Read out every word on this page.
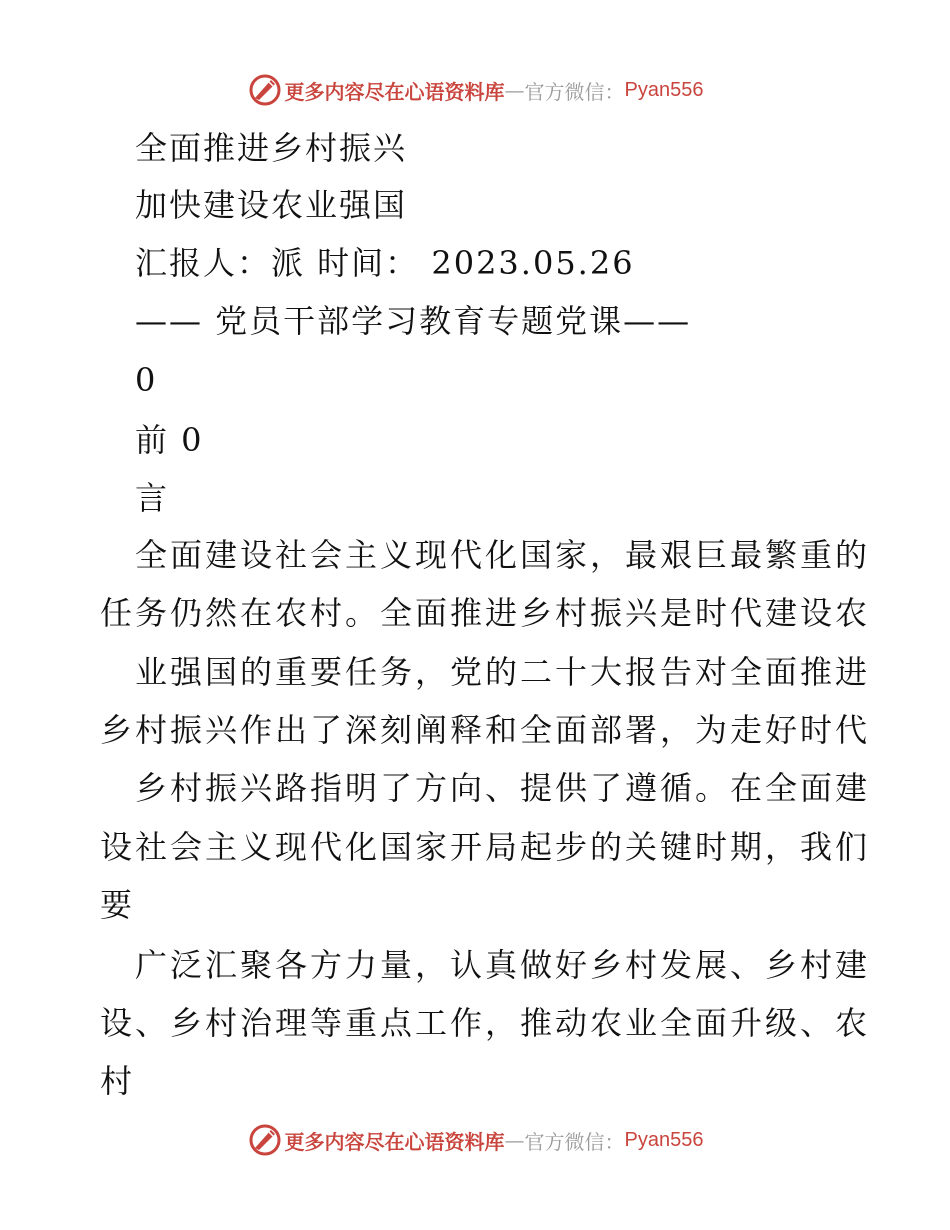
更多内容尽在心语资料库 — 官方微信： Pyan556
全面推进乡村振兴
加快建设农业强国
汇报人：派 时间： 2023.05.26
—— 党员干部学习教育专题党课——
0
前 0
言
全面建设社会主义现代化国家，最艰巨最繁重的
任务仍然在农村。全面推进乡村振兴是时代建设农
业强国的重要任务，党的二十大报告对全面推进
乡村振兴作出了深刻阐释和全面部署，为走好时代
乡村振兴路指明了方向、提供了遵循。在全面建
设社会主义现代化国家开局起步的关键时期，我们
要
广泛汇聚各方力量，认真做好乡村发展、乡村建
设、乡村治理等重点工作，推动农业全面升级、农
村
更多内容尽在心语资料库 — 官方微信： Pyan556
